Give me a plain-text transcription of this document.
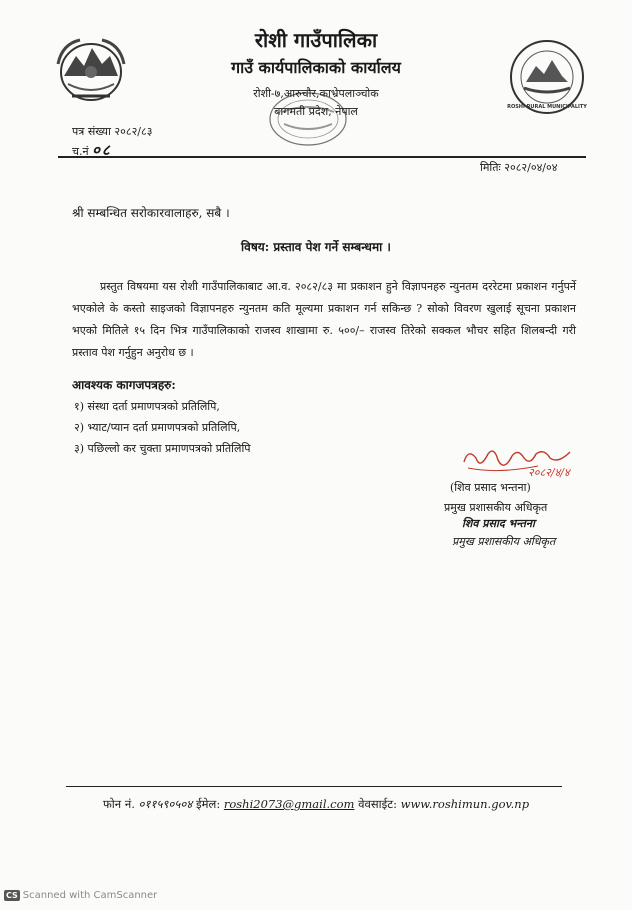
ROSHI RURAL MUNICIPALITY
रोशी गाउँपालिका
गाउँ कार्यपालिकाको कार्यालय
रोशी-७,आरुचौर,काभ्रेपलाञ्चोक
बागमती प्रदेश, नेपाल
पत्र संख्या २०८२/८३
च.नं ०८
मितिः २०८२/०४/०४
श्री सम्बन्धित सरोकारवालाहरु, सबै ।
विषय: प्रस्ताव पेश गर्ने सम्बन्धमा ।
प्रस्तुत विषयमा यस रोशी गाउँपालिकाबाट आ.व. २०८२/८३ मा प्रकाशन हुने विज्ञापनहरु न्युनतम दररेटमा प्रकाशन गर्नुपर्ने भएकोले के कस्तो साइजको विज्ञापनहरु न्युनतम कति मूल्यमा प्रकाशन गर्न सकिन्छ ? सोको विवरण खुलाई सूचना प्रकाशन भएको मितिले १५ दिन भित्र गाउँपालिकाको राजस्व शाखामा रु. ५००/– राजस्व तिरेको सक्कल भौचर सहित शिलबन्दी गरी प्रस्ताव पेश गर्नुहुन अनुरोध छ ।
आवश्यक कागजपत्रहरु:
१) संस्था दर्ता प्रमाणपत्रको प्रतिलिपि,
२) भ्याट/प्यान दर्ता प्रमाणपत्रको प्रतिलिपि,
३) पछिल्लो कर चुक्ता प्रमाणपत्रको प्रतिलिपि
२०८२/४/४
(शिव प्रसाद भन्तना)
प्रमुख प्रशासकीय अधिकृत
शिव प्रसाद भन्तना
प्रमुख प्रशासकीय अधिकृत
फोन नं. ०११५९०५०४ ईमेल: roshi2073@gmail.com वेवसाईट: www.roshimun.gov.np
CS Scanned with CamScanner
